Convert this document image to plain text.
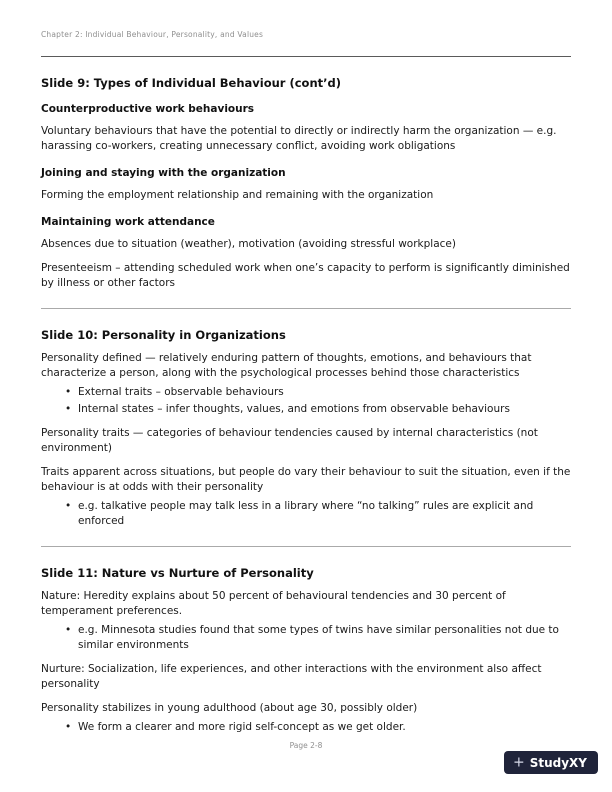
Chapter 2: Individual Behaviour, Personality, and Values
Slide 9: Types of Individual Behaviour (cont’d)

Counterproductive work behaviours

Voluntary behaviours that have the potential to directly or indirectly harm the organization — e.g. harassing co-workers, creating unnecessary conflict, avoiding work obligations

Joining and staying with the organization

Forming the employment relationship and remaining with the organization

Maintaining work attendance

Absences due to situation (weather), motivation (avoiding stressful workplace)

Presenteeism – attending scheduled work when one’s capacity to perform is significantly diminished by illness or other factors

Slide 10: Personality in Organizations

Personality defined — relatively enduring pattern of thoughts, emotions, and behaviours that characterize a person, along with the psychological processes behind those characteristics

• External traits – observable behaviours
• Internal states – infer thoughts, values, and emotions from observable behaviours

Personality traits — categories of behaviour tendencies caused by internal characteristics (not environment)

Traits apparent across situations, but people do vary their behaviour to suit the situation, even if the behaviour is at odds with their personality

• e.g. talkative people may talk less in a library where “no talking” rules are explicit and enforced
Slide 11: Nature vs Nurture of Personality

Nature: Heredity explains about 50 percent of behavioural tendencies and 30 percent of temperament preferences.

• e.g. Minnesota studies found that some types of twins have similar personalities not due to similar environments

Nurture: Socialization, life experiences, and other interactions with the environment also affect personality

Personality stabilizes in young adulthood (about age 30, possibly older)

• We form a clearer and more rigid self-concept as we get older.
Page 2-8
+ StudyXY
